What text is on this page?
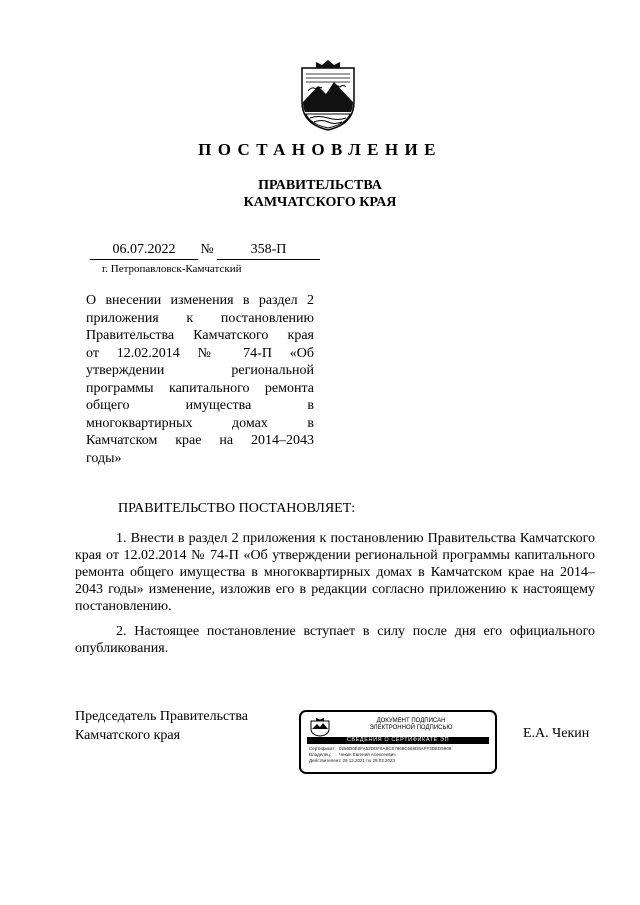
ПОСТАНОВЛЕНИЕ
ПРАВИТЕЛЬСТВА
КАМЧАТСКОГО КРАЯ
06.07.2022	№	358-П
г. Петропавловск-Камчатский
О внесении изменения в раздел 2
приложения к постановлению
Правительства Камчатского края
от 12.02.2014 № 74-П «Об
утверждении региональной
программы капитального ремонта
общего имущества в
многоквартирных домах в
Камчатском крае на 2014–2043
годы»
ПРАВИТЕЛЬСТВО ПОСТАНОВЛЯЕТ:
1. Внести в раздел 2 приложения к постановлению Правительства Камчатского края от 12.02.2014 № 74-П «Об утверждении региональной программы капитального ремонта общего имущества в многоквартирных домах в Камчатском крае на 2014–2043 годы» изменение, изложив его в редакции согласно приложению к настоящему постановлению.
2. Настоящее постановление вступает в силу после дня его официального опубликования.
Председатель Правительства
Камчатского края
ДОКУМЕНТ ПОДПИСАН
ЭЛЕКТРОННОЙ ПОДПИСЬЮ
СВЕДЕНИЯ О СЕРТИФИКАТЕ ЭП
Сертификат: 0256D0E0FA52DDF8ABC07868C568D8AFF3DED5909
Владелец: Чекин Евгений Алексеевич
Действителен:с 29.12.2021 по 29.03.2023
Е.А. Чекин
